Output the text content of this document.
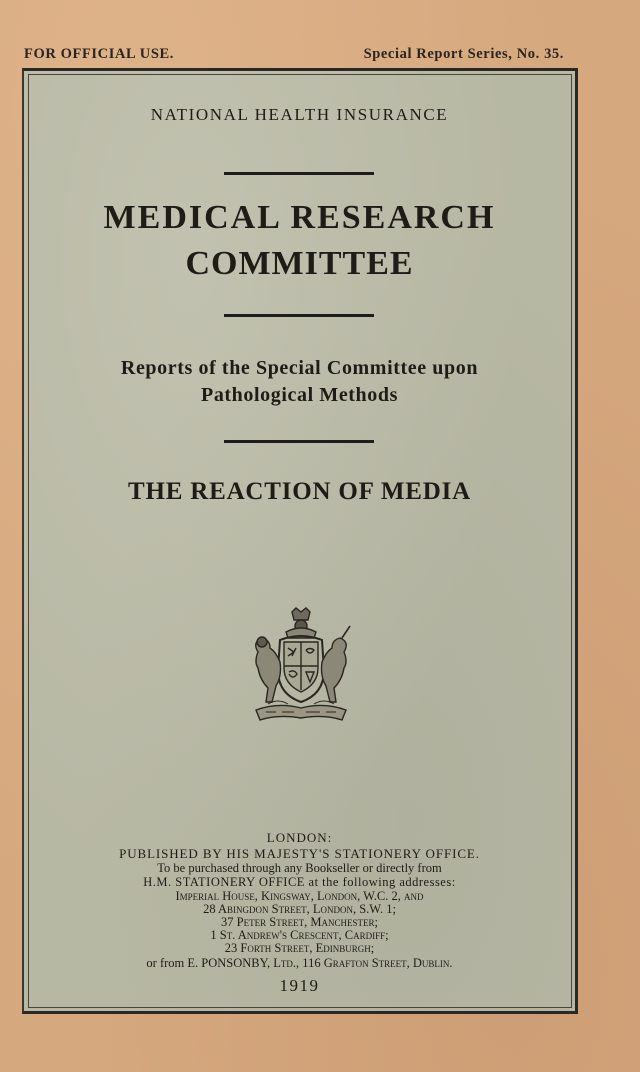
FOR OFFICIAL USE.	Special Report Series, No. 35.
NATIONAL HEALTH INSURANCE
MEDICAL RESEARCH
COMMITTEE
Reports of the Special Committee upon
Pathological Methods
THE REACTION OF MEDIA
LONDON:
PUBLISHED BY HIS MAJESTY'S STATIONERY OFFICE.
To be purchased through any Bookseller or directly from
H.M. STATIONERY OFFICE at the following addresses:
Imperial House, Kingsway, London, W.C. 2, and
28 Abingdon Street, London, S.W. 1;
37 Peter Street, Manchester;
1 St. Andrew's Crescent, Cardiff;
23 Forth Street, Edinburgh;
or from E. PONSONBY, Ltd., 116 Grafton Street, Dublin.
1919
